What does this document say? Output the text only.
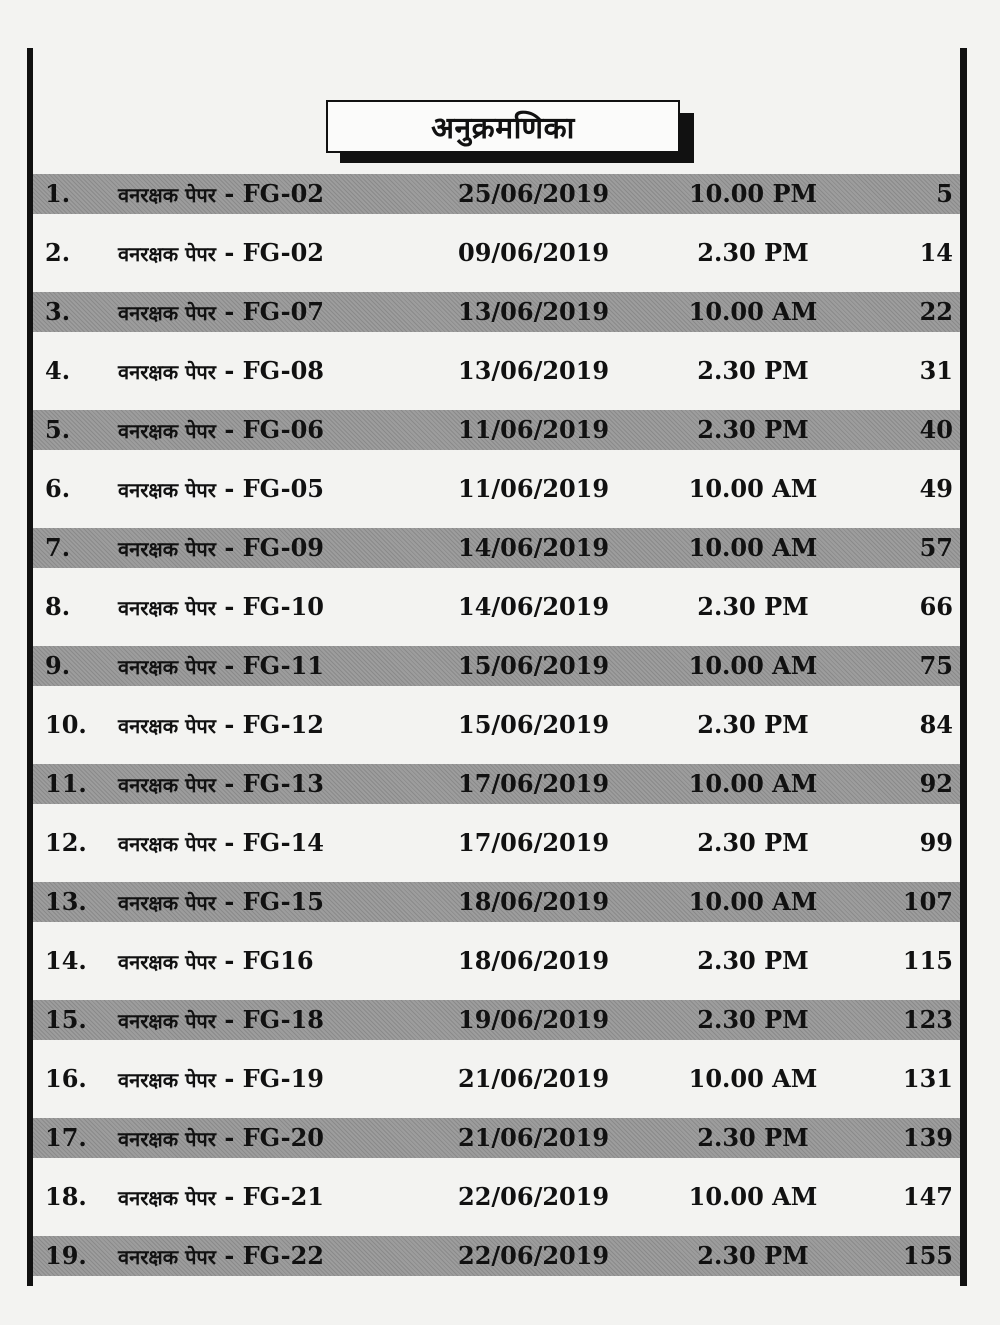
अनुक्रमणिका
1.	वनरक्षक पेपर - FG-02	25/06/2019	10.00 PM	5
2.	वनरक्षक पेपर - FG-02	09/06/2019	2.30 PM	14
3.	वनरक्षक पेपर - FG-07	13/06/2019	10.00 AM	22
4.	वनरक्षक पेपर - FG-08	13/06/2019	2.30 PM	31
5.	वनरक्षक पेपर - FG-06	11/06/2019	2.30 PM	40
6.	वनरक्षक पेपर - FG-05	11/06/2019	10.00 AM	49
7.	वनरक्षक पेपर - FG-09	14/06/2019	10.00 AM	57
8.	वनरक्षक पेपर - FG-10	14/06/2019	2.30 PM	66
9.	वनरक्षक पेपर - FG-11	15/06/2019	10.00 AM	75
10.	वनरक्षक पेपर - FG-12	15/06/2019	2.30 PM	84
11.	वनरक्षक पेपर - FG-13	17/06/2019	10.00 AM	92
12.	वनरक्षक पेपर - FG-14	17/06/2019	2.30 PM	99
13.	वनरक्षक पेपर - FG-15	18/06/2019	10.00 AM	107
14.	वनरक्षक पेपर - FG16	18/06/2019	2.30 PM	115
15.	वनरक्षक पेपर - FG-18	19/06/2019	2.30 PM	123
16.	वनरक्षक पेपर - FG-19	21/06/2019	10.00 AM	131
17.	वनरक्षक पेपर - FG-20	21/06/2019	2.30 PM	139
18.	वनरक्षक पेपर - FG-21	22/06/2019	10.00 AM	147
19.	वनरक्षक पेपर - FG-22	22/06/2019	2.30 PM	155
